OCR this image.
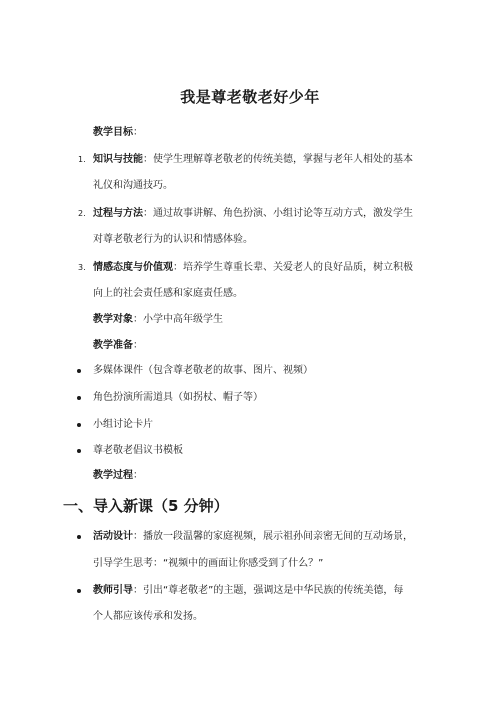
我是尊老敬老好少年
教学目标：
1. 知识与技能：使学生理解尊老敬老的传统美德，掌握与老年人相处的基本
礼仪和沟通技巧。
2. 过程与方法：通过故事讲解、角色扮演、小组讨论等互动方式，激发学生
对尊老敬老行为的认识和情感体验。
3. 情感态度与价值观：培养学生尊重长辈、关爱老人的良好品质，树立积极
向上的社会责任感和家庭责任感。
教学对象：小学中高年级学生
教学准备：
多媒体课件（包含尊老敬老的故事、图片、视频）
角色扮演所需道具（如拐杖、帽子等）
小组讨论卡片
尊老敬老倡议书模板
教学过程：
一、导入新课（5 分钟）
活动设计：播放一段温馨的家庭视频，展示祖孙间亲密无间的互动场景，
引导学生思考：“视频中的画面让你感受到了什么？”
教师引导：引出“尊老敬老”的主题，强调这是中华民族的传统美德，每
个人都应该传承和发扬。
